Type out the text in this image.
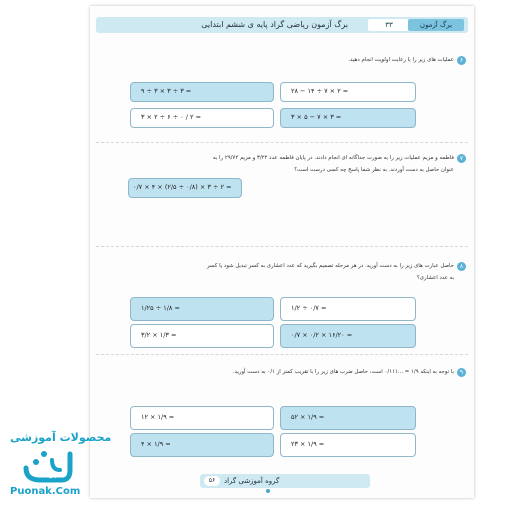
برگ آزمون ریاضی گراد پایه ی ششم ابتدایی	۳۳	برگ آزمون
۶
عملیات های زیر را با رعایت اولویت انجام دهید.
۹ ÷ ۳ × ۳ ÷ ۳ =	۲۸ − ۱۴ ÷ ۷ × ۲ =
۳ × ۲ ÷ ۶ ÷ ۰ / ۲ =	۳ × ۵ − ۷ × ۳ =
۷
فاطمه و مریم عملیات زیر را به صورت جداگانه ای انجام دادند. در پایان فاطمه عدد ۳/۲۲ و مریم ۲۹/۷۲ را به
عنوان حاصل به دست آوردند. به نظر شما پاسخ چه کسی درست است؟
۰/۷ × ۴ × (۲/۵ ÷ ۰/۸) × ۳ ÷ ۲ =
۸
حاصل عبارت های زیر را به دست آورید. در هر مرحله تصمیم بگیرید که عدد اعشاری به کسر تبدیل شود یا کسر
به عدد اعشاری؟
۱/۲۵ ÷ ۱/۸ =	۱/۲ ÷ ۰/۷ =
۳/۲ × ۱/۳ =	۰/۷ × ۰/۲ × ۱۶/۲۰ =
۹
با توجه به اینکه ۱/۹ = ...۰/۱۱۱ است، حاصل ضرب های زیر را با تقریب کمتر از ۰/۱ به دست آورید.
۱۲ × ۱/۹ =	۵۲ × ۱/۹ =
۴ × ۱/۹ =	۲۳ × ۱/۹ =
۵۶	گروه آموزشی گراد
محصولات آموزشی
پونک
Puonak.Com
